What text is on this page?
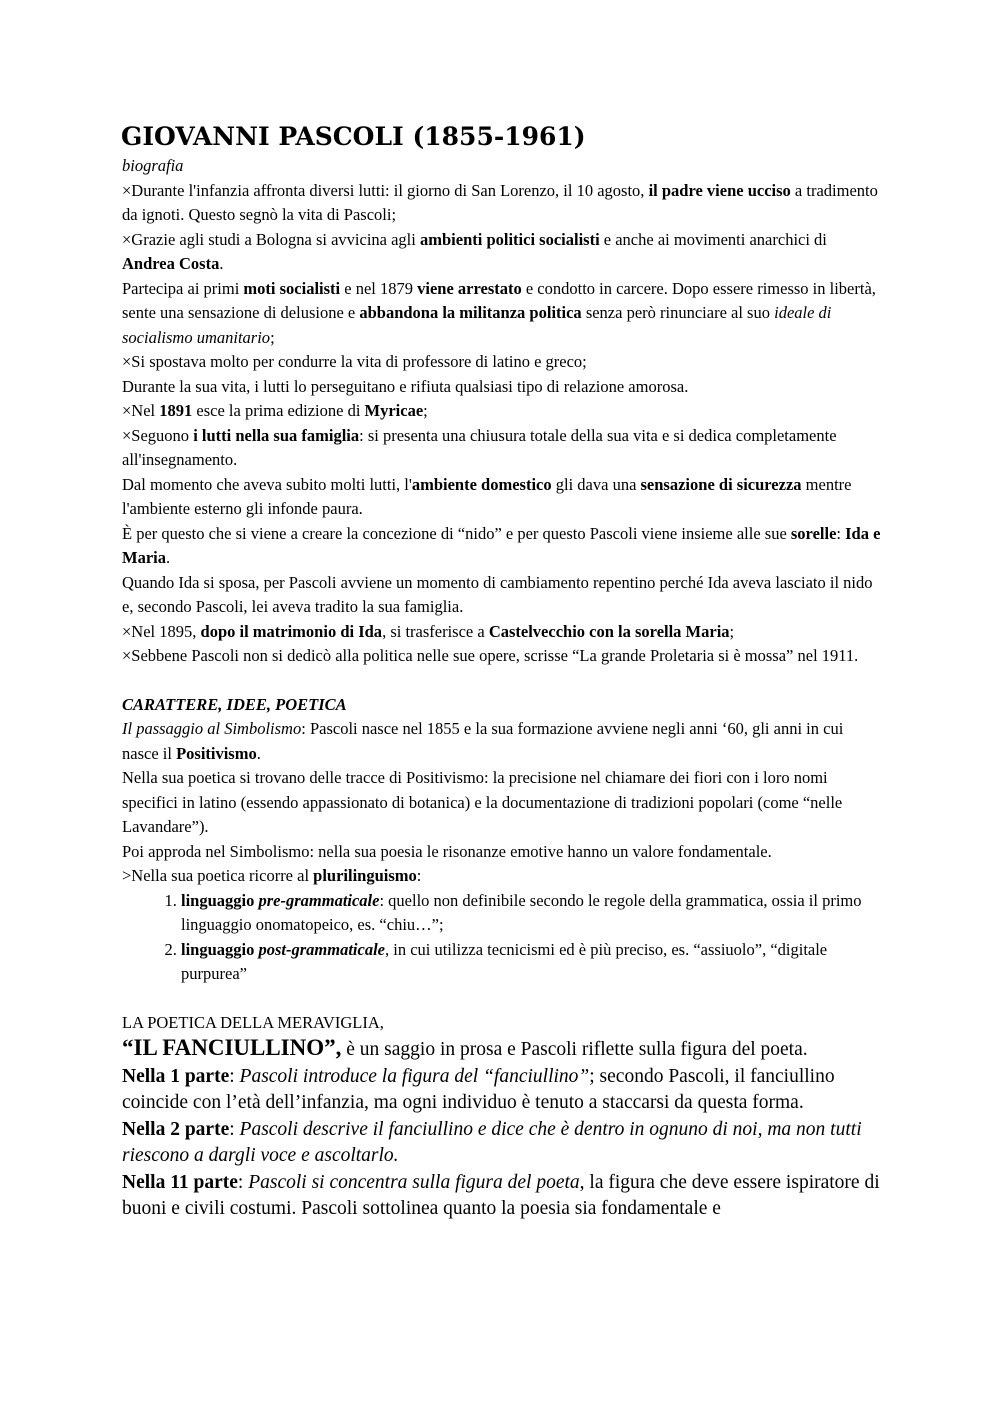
GIOVANNI PASCOLI (1855-1961)

biografia

×Durante l'infanzia affronta diversi lutti: il giorno di San Lorenzo, il 10 agosto, il padre viene ucciso a tradimento da ignoti. Questo segnò la vita di Pascoli;

×Grazie agli studi a Bologna si avvicina agli ambienti politici socialisti e anche ai movimenti anarchici di Andrea Costa.

Partecipa ai primi moti socialisti e nel 1879 viene arrestato e condotto in carcere. Dopo essere rimesso in libertà, sente una sensazione di delusione e abbandona la militanza politica senza però rinunciare al suo ideale di socialismo umanitario;

×Si spostava molto per condurre la vita di professore di latino e greco;

Durante la sua vita, i lutti lo perseguitano e rifiuta qualsiasi tipo di relazione amorosa.

×Nel 1891 esce la prima edizione di Myricae;

×Seguono i lutti nella sua famiglia: si presenta una chiusura totale della sua vita e si dedica completamente all'insegnamento.

Dal momento che aveva subito molti lutti, l'ambiente domestico gli dava una sensazione di sicurezza mentre l'ambiente esterno gli infonde paura.

È per questo che si viene a creare la concezione di “nido” e per questo Pascoli viene insieme alle sue sorelle: Ida e Maria.

Quando Ida si sposa, per Pascoli avviene un momento di cambiamento repentino perché Ida aveva lasciato il nido e, secondo Pascoli, lei aveva tradito la sua famiglia.

×Nel 1895, dopo il matrimonio di Ida, si trasferisce a Castelvecchio con la sorella Maria;

×Sebbene Pascoli non si dedicò alla politica nelle sue opere, scrisse “La grande Proletaria si è mossa” nel 1911.

CARATTERE, IDEE, POETICA

Il passaggio al Simbolismo: Pascoli nasce nel 1855 e la sua formazione avviene negli anni ‘60, gli anni in cui nasce il Positivismo.

Nella sua poetica si trovano delle tracce di Positivismo: la precisione nel chiamare dei fiori con i loro nomi specifici in latino (essendo appassionato di botanica) e la documentazione di tradizioni popolari (come “nelle Lavandare”).

Poi approda nel Simbolismo: nella sua poesia le risonanze emotive hanno un valore fondamentale.

>Nella sua poetica ricorre al plurilinguismo:

1. linguaggio pre-grammaticale: quello non definibile secondo le regole della grammatica, ossia il primo linguaggio onomatopeico, es. “chiu…”;
2. linguaggio post-grammaticale, in cui utilizza tecnicismi ed è più preciso, es. “assiuolo”, “digitale purpurea”

LA POETICA DELLA MERAVIGLIA,

“IL FANCIULLINO”, è un saggio in prosa e Pascoli riflette sulla figura del poeta.

Nella 1 parte: Pascoli introduce la figura del “fanciullino”; secondo Pascoli, il fanciullino coincide con l’età dell’infanzia, ma ogni individuo è tenuto a staccarsi da questa forma.

Nella 2 parte: Pascoli descrive il fanciullino e dice che è dentro in ognuno di noi, ma non tutti riescono a dargli voce e ascoltarlo.

Nella 11 parte: Pascoli si concentra sulla figura del poeta, la figura che deve essere ispiratore di buoni e civili costumi. Pascoli sottolinea quanto la poesia sia fondamentale e
